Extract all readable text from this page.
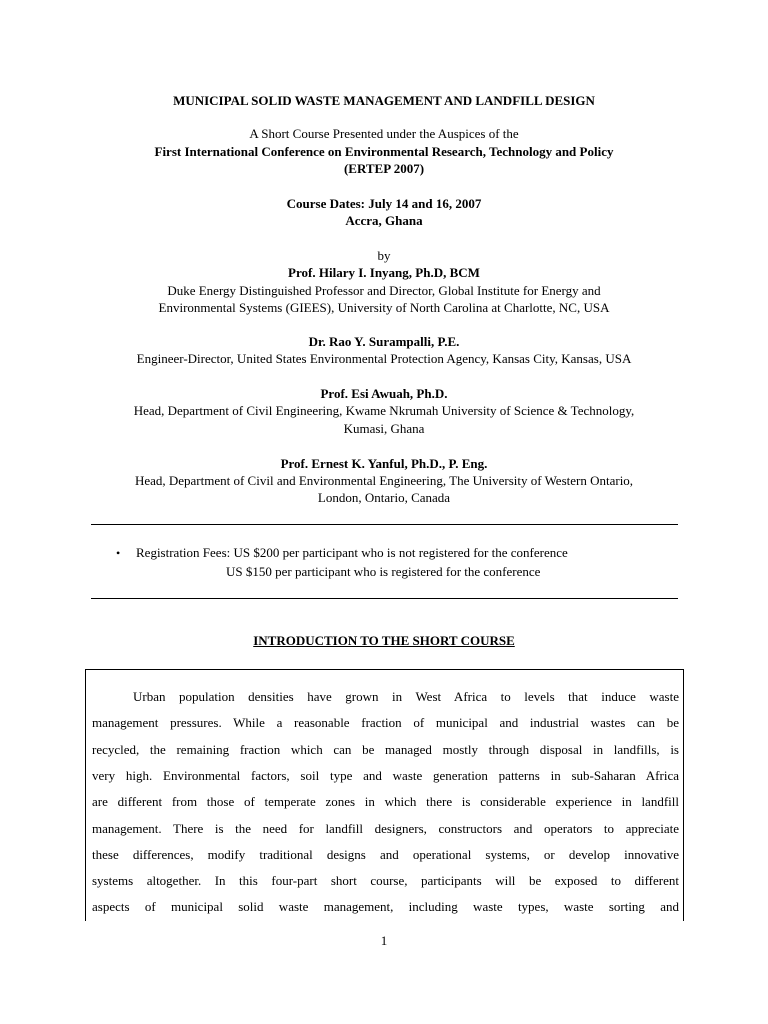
MUNICIPAL SOLID WASTE MANAGEMENT AND LANDFILL DESIGN
A Short Course Presented under the Auspices of the
First International Conference on Environmental Research, Technology and Policy
(ERTEP 2007)
Course Dates: July 14 and 16, 2007
Accra, Ghana
by
Prof. Hilary I. Inyang, Ph.D, BCM
Duke Energy Distinguished Professor and Director, Global Institute for Energy and
Environmental Systems (GIEES), University of North Carolina at Charlotte, NC, USA
Dr. Rao Y. Surampalli, P.E.
Engineer-Director, United States Environmental Protection Agency, Kansas City, Kansas, USA
Prof. Esi Awuah, Ph.D.
Head, Department of Civil Engineering, Kwame Nkrumah University of Science & Technology,
Kumasi, Ghana
Prof. Ernest K. Yanful, Ph.D., P. Eng.
Head, Department of Civil and Environmental Engineering, The University of Western Ontario,
London, Ontario, Canada
• Registration Fees: US $200 per participant who is not registered for the conference
US $150 per participant who is registered for the conference
INTRODUCTION TO THE SHORT COURSE
Urban population densities have grown in West Africa to levels that induce waste
management pressures. While a reasonable fraction of municipal and industrial wastes can be
recycled, the remaining fraction which can be managed mostly through disposal in landfills, is
very high. Environmental factors, soil type and waste generation patterns in sub-Saharan Africa
are different from those of temperate zones in which there is considerable experience in landfill
management. There is the need for landfill designers, constructors and operators to appreciate
these differences, modify traditional designs and operational systems, or develop innovative
systems altogether. In this four-part short course, participants will be exposed to different
aspects of municipal solid waste management, including waste types, waste sorting and
1
